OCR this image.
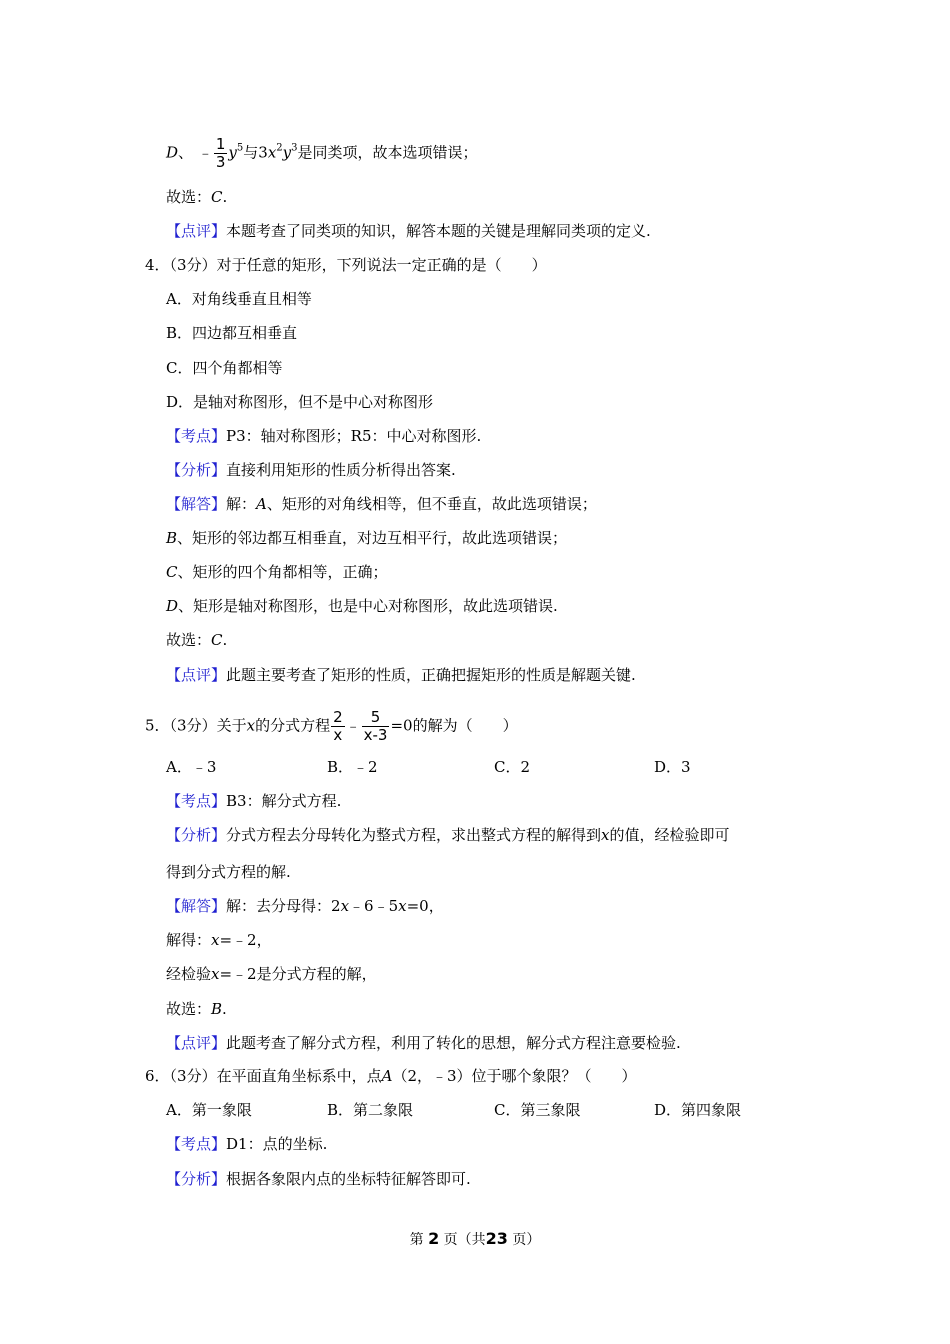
D、 ﹣ $\frac{1}{3} y^5$与$3x^2y^3$是同类项，故本选项错误；
故选：C.
【点评】本题考查了同类项的知识，解答本题的关键是理解同类项的定义.
4．（3分）对于任意的矩形，下列说法一定正确的是（　　）
A．对角线垂直且相等
B．四边都互相垂直
C．四个角都相等
D．是轴对称图形，但不是中心对称图形
【考点】P3：轴对称图形；R5：中心对称图形.
【分析】直接利用矩形的性质分析得出答案.
【解答】解：A、矩形的对角线相等，但不垂直，故此选项错误；
B、矩形的邻边都互相垂直，对边互相平行，故此选项错误；
C、矩形的四个角都相等，正确；
D、矩形是轴对称图形，也是中心对称图形，故此选项错误.
故选：C.
【点评】此题主要考查了矩形的性质，正确把握矩形的性质是解题关键.
5．（3分）关于x的分式方程 $\frac{2}{x}$ ﹣ $\frac{5}{x-3} =0$的解为（　　）
A．﹣3	B．﹣2	C．2	D．3
【考点】B3：解分式方程.
【分析】分式方程去分母转化为整式方程，求出整式方程的解得到x的值，经检验即可
得到分式方程的解.
【解答】解：去分母得：2x﹣6﹣5x=0，
解得：x=﹣2，
经检验x=﹣2是分式方程的解，
故选：B.
【点评】此题考查了解分式方程，利用了转化的思想，解分式方程注意要检验.
6．（3分）在平面直角坐标系中，点A（2，﹣3）位于哪个象限？（　　）
A．第一象限	B．第二象限	C．第三象限	D．第四象限
【考点】D1：点的坐标.
【分析】根据各象限内点的坐标特征解答即可.
第 2 页（共23 页）
